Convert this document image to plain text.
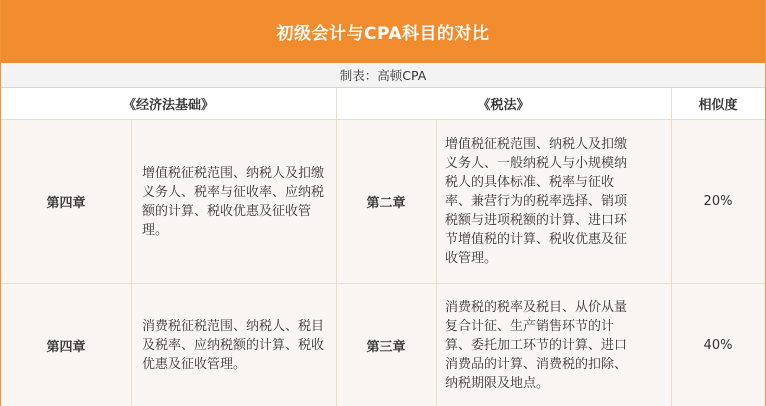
初级会计与CPA科目的对比
制表：高顿CPA
《经济法基础》	《税法》	相似度
第四章
增值税征税范围、纳税人及扣缴义务人、税率与征收率、应纳税额的计算、税收优惠及征收管理。
第二章
增值税征税范围、纳税人及扣缴义务人、一般纳税人与小规模纳税人的具体标准、税率与征收率、兼营行为的税率选择、销项税额与进项税额的计算、进口环节增值税的计算、税收优惠及征收管理。
20%
第四章
消费税征税范围、纳税人、税目及税率、应纳税额的计算、税收优惠及征收管理。
第三章
消费税的税率及税目、从价从量复合计征、生产销售环节的计算、委托加工环节的计算、进口消费品的计算、消费税的扣除、纳税期限及地点。
40%
